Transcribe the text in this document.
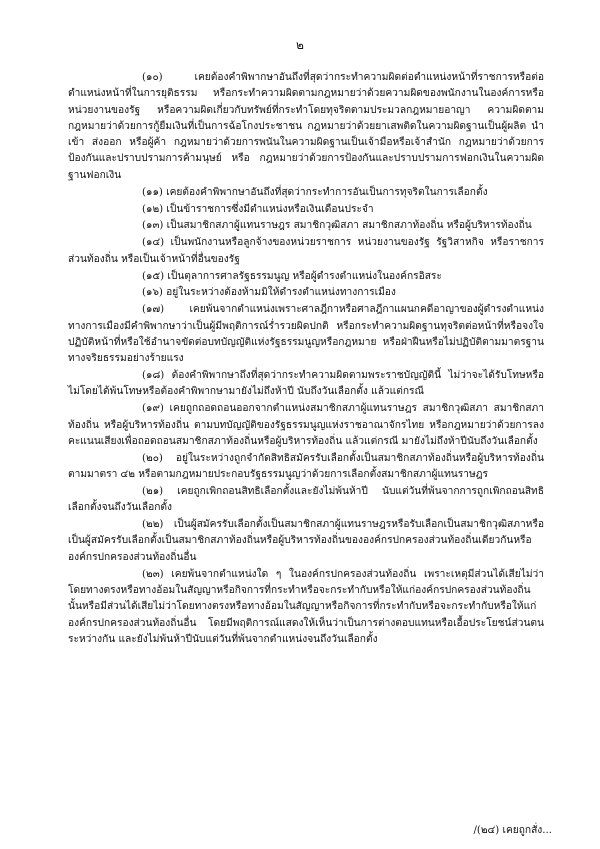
๒

(๑๐) เคยต้องคำพิพากษาอันถึงที่สุดว่ากระทำความผิดต่อตำแหน่งหน้าที่ราชการหรือต่อตำแหน่งหน้าที่ในการยุติธรรม หรือกระทำความผิดตามกฎหมายว่าด้วยความผิดของพนักงานในองค์การหรือหน่วยงานของรัฐ หรือความผิดเกี่ยวกับทรัพย์ที่กระทำโดยทุจริตตามประมวลกฎหมายอาญา ความผิดตามกฎหมายว่าด้วยการกู้ยืมเงินที่เป็นการฉ้อโกงประชาชน กฎหมายว่าด้วยยาเสพติดในความผิดฐานเป็นผู้ผลิต นำเข้า ส่งออก หรือผู้ค้า กฎหมายว่าด้วยการพนันในความผิดฐานเป็นเจ้ามือหรือเจ้าสำนัก กฎหมายว่าด้วยการป้องกันและปราบปรามการค้ามนุษย์ หรือ กฎหมายว่าด้วยการป้องกันและปราบปรามการฟอกเงินในความผิดฐานฟอกเงิน

(๑๑) เคยต้องคำพิพากษาอันถึงที่สุดว่ากระทำการอันเป็นการทุจริตในการเลือกตั้ง

(๑๒) เป็นข้าราชการซึ่งมีตำแหน่งหรือเงินเดือนประจำ

(๑๓) เป็นสมาชิกสภาผู้แทนราษฎร สมาชิกวุฒิสภา สมาชิกสภาท้องถิ่น หรือผู้บริหารท้องถิ่น

(๑๔) เป็นพนักงานหรือลูกจ้างของหน่วยราชการ หน่วยงานของรัฐ รัฐวิสาหกิจ หรือราชการส่วนท้องถิ่น หรือเป็นเจ้าหน้าที่อื่นของรัฐ

(๑๕) เป็นตุลาการศาลรัฐธรรมนูญ หรือผู้ดำรงตำแหน่งในองค์กรอิสระ

(๑๖) อยู่ในระหว่างต้องห้ามมิให้ดำรงตำแหน่งทางการเมือง

(๑๗) เคยพ้นจากตำแหน่งเพราะศาลฎีกาหรือศาลฎีกาแผนกคดีอาญาของผู้ดำรงตำแหน่งทางการเมืองมีคำพิพากษาว่าเป็นผู้มีพฤติการณ์ร่ำรวยผิดปกติ หรือกระทำความผิดฐานทุจริตต่อหน้าที่หรือจงใจปฏิบัติหน้าที่หรือใช้อำนาจขัดต่อบทบัญญัติแห่งรัฐธรรมนูญหรือกฎหมาย หรือฝ่าฝืนหรือไม่ปฏิบัติตามมาตรฐานทางจริยธรรมอย่างร้ายแรง

(๑๘) ต้องคำพิพากษาถึงที่สุดว่ากระทำความผิดตามพระราชบัญญัตินี้ ไม่ว่าจะได้รับโทษหรือไม่โดยได้พ้นโทษหรือต้องคำพิพากษามายังไม่ถึงห้าปี นับถึงวันเลือกตั้ง แล้วแต่กรณี

(๑๙) เคยถูกถอดถอนออกจากตำแหน่งสมาชิกสภาผู้แทนราษฎร สมาชิกวุฒิสภา สมาชิกสภาท้องถิ่น หรือผู้บริหารท้องถิ่น ตามบทบัญญัติของรัฐธรรมนูญแห่งราชอาณาจักรไทย หรือกฎหมายว่าด้วยการลงคะแนนเสียงเพื่อถอดถอนสมาชิกสภาท้องถิ่นหรือผู้บริหารท้องถิ่น แล้วแต่กรณี มายังไม่ถึงห้าปีนับถึงวันเลือกตั้ง

(๒๐) อยู่ในระหว่างถูกจำกัดสิทธิสมัครรับเลือกตั้งเป็นสมาชิกสภาท้องถิ่นหรือผู้บริหารท้องถิ่นตามมาตรา ๔๒ หรือตามกฎหมายประกอบรัฐธรรมนูญว่าด้วยการเลือกตั้งสมาชิกสภาผู้แทนราษฎร

(๒๑) เคยถูกเพิกถอนสิทธิเลือกตั้งและยังไม่พ้นห้าปี นับแต่วันที่พ้นจากการถูกเพิกถอนสิทธิเลือกตั้งจนถึงวันเลือกตั้ง

(๒๒) เป็นผู้สมัครรับเลือกตั้งเป็นสมาชิกสภาผู้แทนราษฎรหรือรับเลือกเป็นสมาชิกวุฒิสภาหรือเป็นผู้สมัครรับเลือกตั้งเป็นสมาชิกสภาท้องถิ่นหรือผู้บริหารท้องถิ่นขององค์กรปกครองส่วนท้องถิ่นเดียวกันหรือองค์กรปกครองส่วนท้องถิ่นอื่น

(๒๓) เคยพ้นจากตำแหน่งใด ๆ ในองค์กรปกครองส่วนท้องถิ่น เพราะเหตุมีส่วนได้เสียไม่ว่าโดยทางตรงหรือทางอ้อมในสัญญาหรือกิจการที่กระทำหรือจะกระทำกับหรือให้แก่องค์กรปกครองส่วนท้องถิ่นนั้นหรือมีส่วนได้เสียไม่ว่าโดยทางตรงหรือทางอ้อมในสัญญาหรือกิจการที่กระทำกับหรือจะกระทำกับหรือให้แก่องค์กรปกครองส่วนท้องถิ่นอื่น โดยมีพฤติการณ์แสดงให้เห็นว่าเป็นการต่างตอบแทนหรือเอื้อประโยชน์ส่วนตนระหว่างกัน และยังไม่พ้นห้าปีนับแต่วันที่พ้นจากตำแหน่งจนถึงวันเลือกตั้ง

/(๒๔) เคยถูกสั่ง...
